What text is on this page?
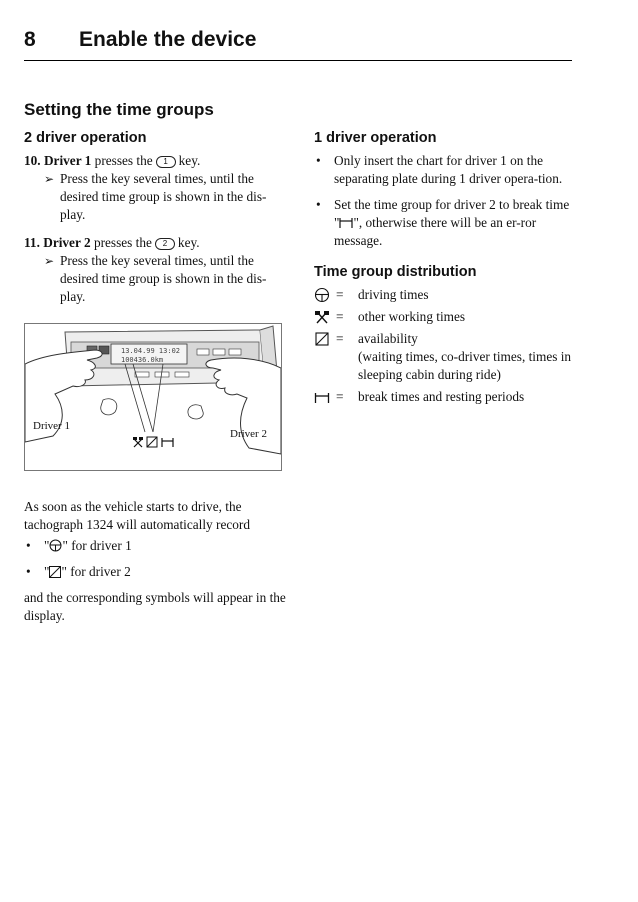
8 Enable the device
Setting the time groups
2 driver operation

10. Driver 1 presses the 1 key.

➢ Press the key several times, until the desired time group is shown in the dis-play.

11. Driver 2 presses the 2 key.

➢ Press the key several times, until the desired time group is shown in the dis-play.
13.04.99 13:02
100436.0km
Driver 1
Driver 2

As soon as the vehicle starts to drive, the tachograph 1324 will automatically record

• " " for driver 1
• " " for driver 2

and the corresponding symbols will appear in the display.

1 driver operation
• Only insert the chart for driver 1 on the separating plate during 1 driver opera-tion.
• Set the time group for driver 2 to break time " ", otherwise there will be an er-ror message.
Time group distribution
= driving times
= other working times
= availability
(waiting times, co-driver times, times in sleeping cabin during ride)
= break times and resting periods
